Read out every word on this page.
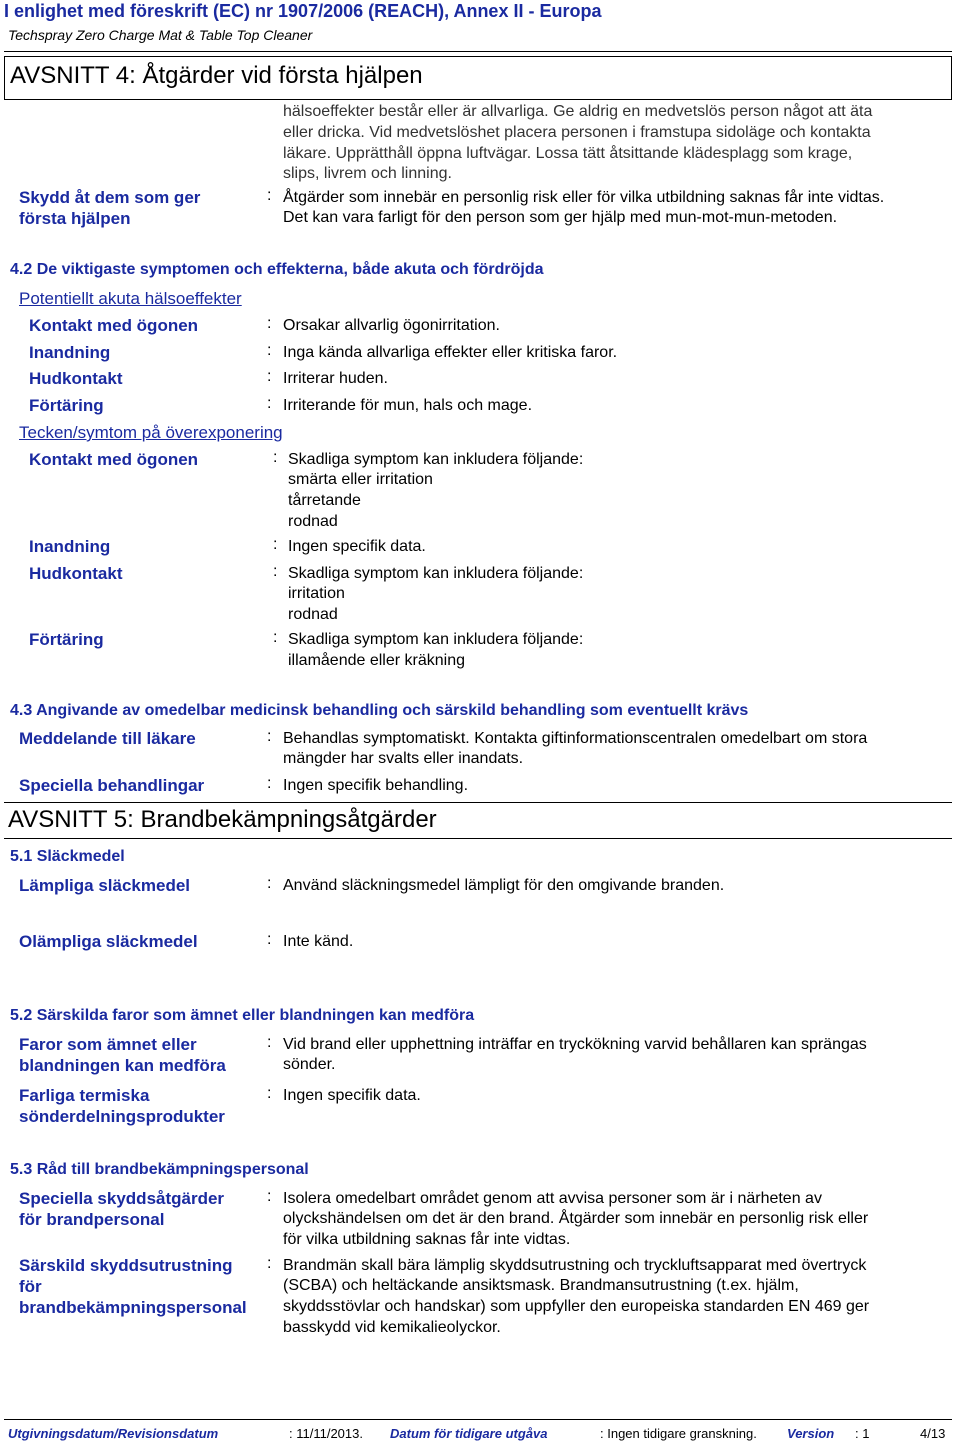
I enlighet med föreskrift (EC) nr 1907/2006 (REACH), Annex II - Europa
Techspray Zero Charge Mat & Table Top Cleaner
AVSNITT 4: Åtgärder vid första hjälpen
hälsoeffekter består eller är allvarliga. Ge aldrig en medvetslös person något att äta
eller dricka. Vid medvetslöshet placera personen i framstupa sidoläge och kontakta
läkare. Upprätthåll öppna luftvägar. Lossa tätt åtsittande klädesplagg som krage,
slips, livrem och linning.
Skydd åt dem som ger
första hjälpen
: Åtgärder som innebär en personlig risk eller för vilka utbildning saknas får inte vidtas.
Det kan vara farligt för den person som ger hjälp med mun-mot-mun-metoden.
4.2 De viktigaste symptomen och effekterna, både akuta och fördröjda
Potentiellt akuta hälsoeffekter
Kontakt med ögonen	: Orsakar allvarlig ögonirritation.
Inandning	: Inga kända allvarliga effekter eller kritiska faror.
Hudkontakt	: Irriterar huden.
Förtäring	: Irriterande för mun, hals och mage.
Tecken/symtom på överexponering
Kontakt med ögonen	: Skadliga symptom kan inkludera följande:
smärta eller irritation
tårretande
rodnad
Inandning	: Ingen specifik data.
Hudkontakt	: Skadliga symptom kan inkludera följande:
irritation
rodnad
Förtäring	: Skadliga symptom kan inkludera följande:
illamående eller kräkning
4.3 Angivande av omedelbar medicinsk behandling och särskild behandling som eventuellt krävs
Meddelande till läkare	: Behandlas symptomatiskt. Kontakta giftinformationscentralen omedelbart om stora
mängder har svalts eller inandats.
Speciella behandlingar	: Ingen specifik behandling.
AVSNITT 5: Brandbekämpningsåtgärder
5.1 Släckmedel
Lämpliga släckmedel	: Använd släckningsmedel lämpligt för den omgivande branden.
Olämpliga släckmedel	: Inte känd.
5.2 Särskilda faror som ämnet eller blandningen kan medföra
Faror som ämnet eller
blandningen kan medföra
: Vid brand eller upphettning inträffar en tryckökning varvid behållaren kan sprängas
sönder.
Farliga termiska
sönderdelningsprodukter
: Ingen specifik data.
5.3 Råd till brandbekämpningspersonal
Speciella skyddsåtgärder
för brandpersonal
: Isolera omedelbart området genom att avvisa personer som är i närheten av
olyckshändelsen om det är den brand. Åtgärder som innebär en personlig risk eller
för vilka utbildning saknas får inte vidtas.
Särskild skyddsutrustning
för
brandbekämpningspersonal
: Brandmän skall bära lämplig skyddsutrustning och tryckluftsapparat med övertryck
(SCBA) och heltäckande ansiktsmask. Brandmansutrustning (t.ex. hjälm,
skyddsstövlar och handskar) som uppfyller den europeiska standarden EN 469 ger
basskydd vid kemikalieolyckor.
Utgivningsdatum/Revisionsdatum	: 11/11/2013. Datum för tidigare utgåva	: Ingen tidigare granskning. Version : 1	4/13
